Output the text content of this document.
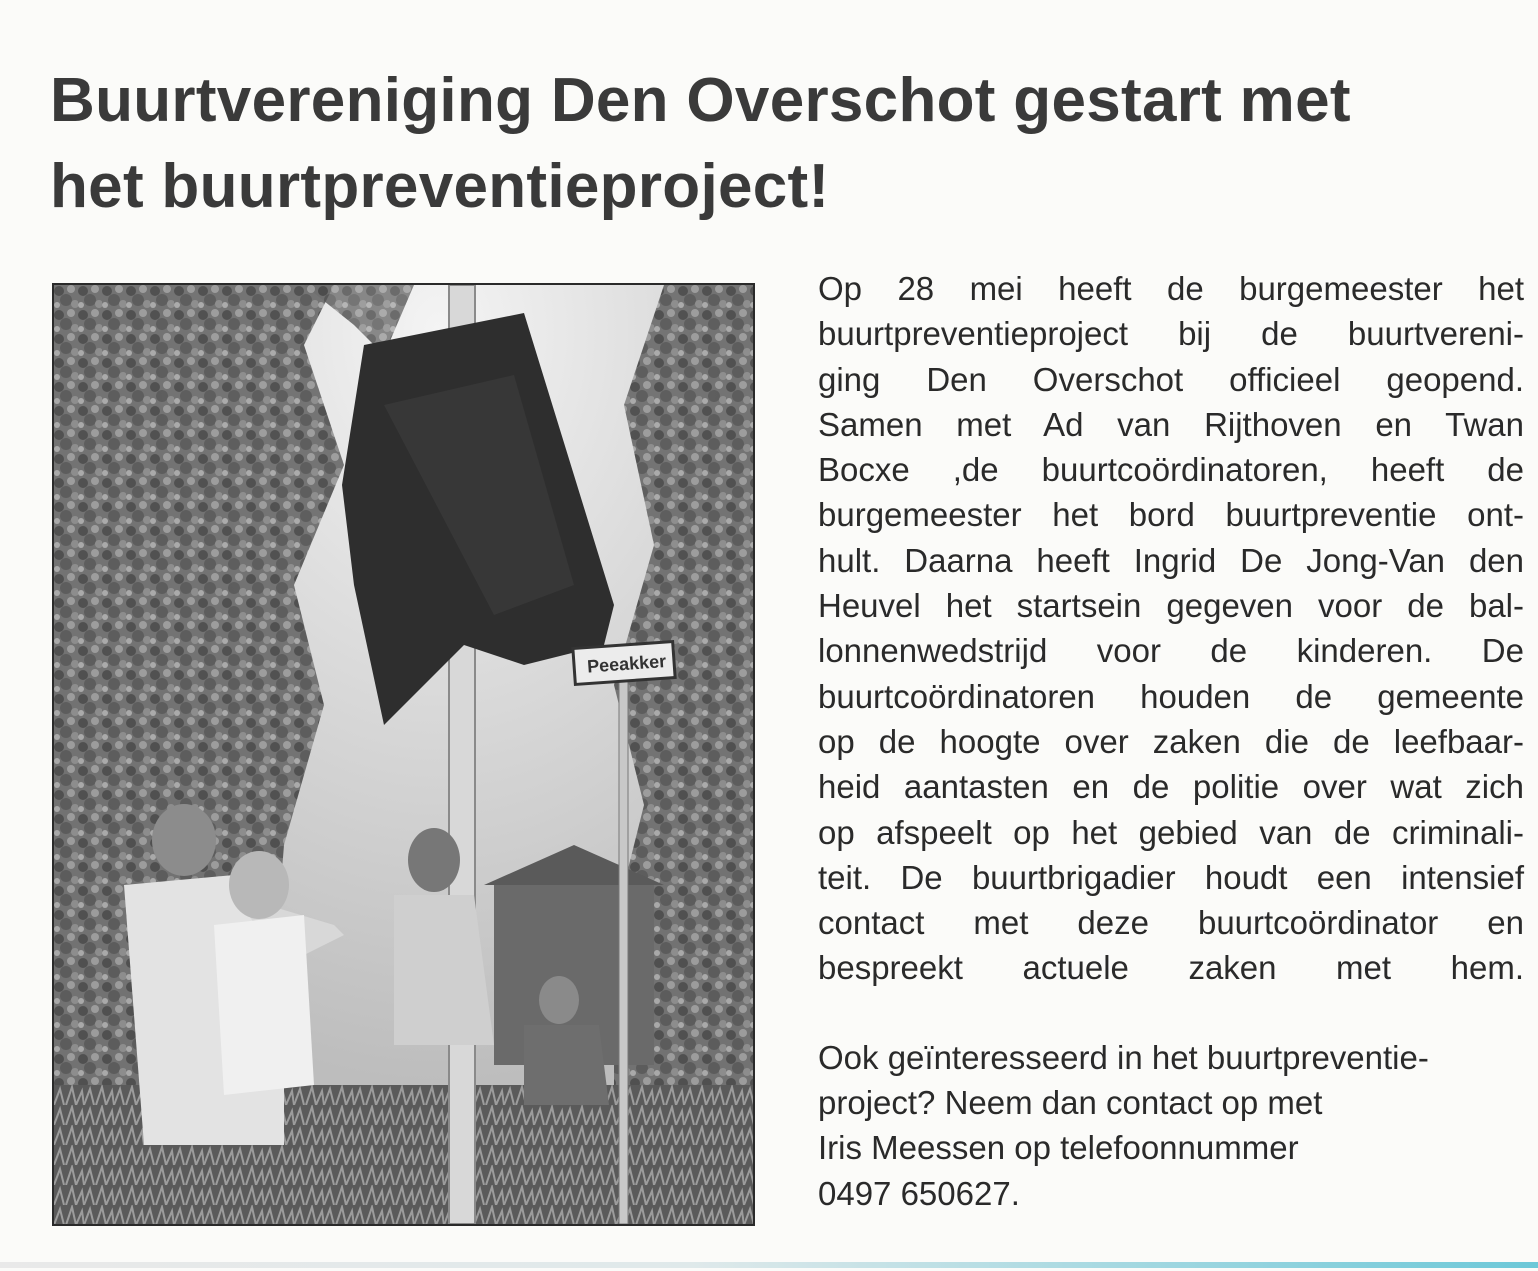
Buurtvereniging Den Overschot gestart met
het buurtpreventieproject!
Peeakker

Op 28 mei heeft de burgemeester het
buurtpreventieproject bij de buurtvereni-
ging Den Overschot officieel geopend.
Samen met Ad van Rijthoven en Twan
Bocxe ,de buurtcoördinatoren, heeft de
burgemeester het bord buurtpreventie ont-
hult. Daarna heeft Ingrid De Jong-Van den
Heuvel het startsein gegeven voor de bal-
lonnenwedstrijd voor de kinderen. De
buurtcoördinatoren houden de gemeente
op de hoogte over zaken die de leefbaar-
heid aantasten en de politie over wat zich
op afspeelt op het gebied van de criminali-
teit. De buurtbrigadier houdt een intensief
contact met deze buurtcoördinator en
bespreekt actuele zaken met hem.

Ook geïnteresseerd in het buurtpreventie-
project? Neem dan contact op met
Iris Meessen op telefoonnummer
0497 650627.
